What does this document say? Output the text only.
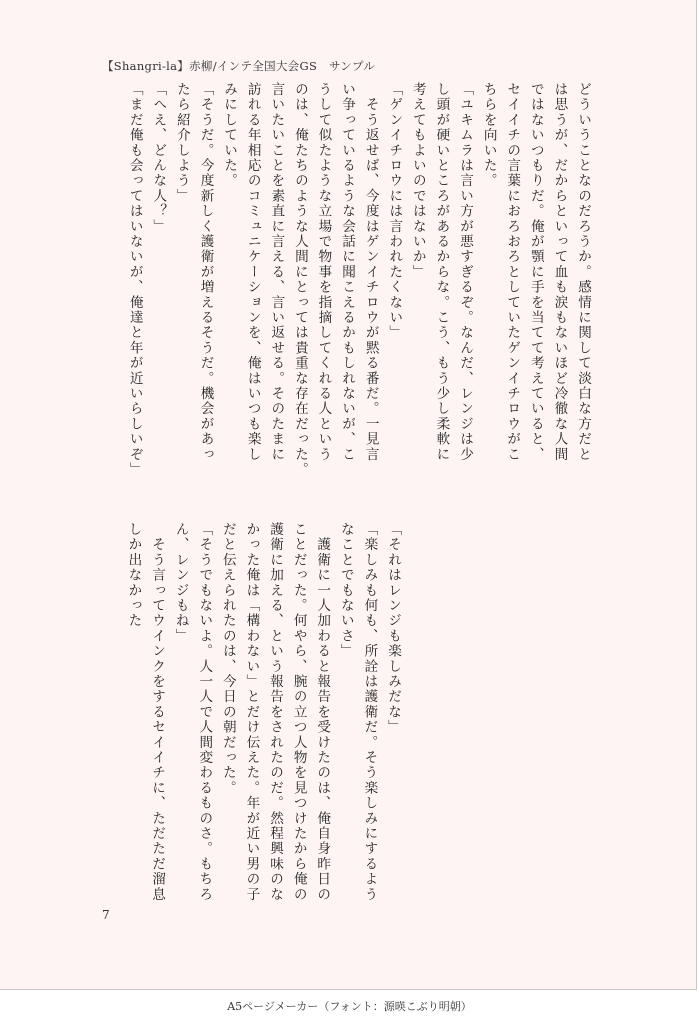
【Shangri-la】赤柳/インテ全国大会GS　サンプル
どういうことなのだろうか。感情に関して淡白な方だと
は思うが、だからといって血も涙もないほど冷徹な人間
ではないつもりだ。俺が顎に手を当てて考えていると、
セイイチの言葉におろおろとしていたゲンイチロウがこ
ちらを向いた。
「ユキムラは言い方が悪すぎるぞ。なんだ、レンジは少
し頭が硬いところがあるからな。こう、もう少し柔軟に
考えてもよいのではないか」
「ゲンイチロウには言われたくない」
　そう返せば、今度はゲンイチロウが黙る番だ。一見言
い争っているような会話に聞こえるかもしれないが、こ
うして似たような立場で物事を指摘してくれる人という
のは、俺たちのような人間にとっては貴重な存在だった。
言いたいことを素直に言える、言い返せる。そのたまに
訪れる年相応のコミュニケーションを、俺はいつも楽し
みにしていた。
「そうだ。今度新しく護衛が増えるそうだ。機会があっ
たら紹介しよう」
「へえ、どんな人？」
「まだ俺も会ってはいないが、俺達と年が近いらしいぞ」
「それはレンジも楽しみだな」
「楽しみも何も、所詮は護衛だ。そう楽しみにするよう
なことでもないさ」
　護衛に一人加わると報告を受けたのは、俺自身昨日の
ことだった。何やら、腕の立つ人物を見つけたから俺の
護衛に加える、という報告をされたのだ。然程興味のな
かった俺は「構わない」とだけ伝えた。年が近い男の子
だと伝えられたのは、今日の朝だった。
「そうでもないよ。人一人で人間変わるものさ。もちろ
ん、レンジもね」
　そう言ってウインクをするセイイチに、ただただ溜息
しか出なかった
7
A5ページメーカー（フォント：源暎こぶり明朝）
